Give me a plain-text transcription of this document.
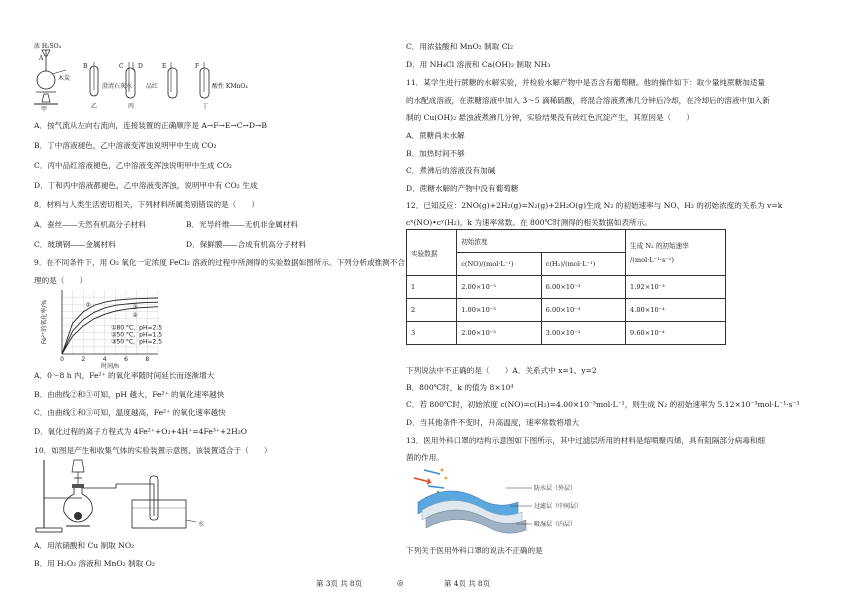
浓 H₂SO₄
A
木炭
甲
B
乙
C D
澄清石灰水
丙
E
品红
F
酸性 KMnO₄
丁
A．按气流从左向右流向，连接装置的正确顺序是 A→F→E→C→D→B
B．丁中溶液褪色，乙中溶液变浑浊说明甲中生成 CO₂
C．丙中品红溶液褪色，乙中溶液变浑浊说明甲中生成 CO₂
D．丁和丙中溶液都褪色，乙中溶液变浑浊，说明甲中有 CO₂ 生成
8．材料与人类生活密切相关，下列材料所属类别错误的是（　　）
A．蚕丝——天然有机高分子材料	B．光导纤维——无机非金属材料
C．玻璃钢——金属材料	D．保鲜膜——合成有机高分子材料
9．在不同条件下，用 O₂ 氧化一定浓度 FeCl₂ 溶液的过程中所测得的实验数据如图所示。下列分析或推测不合
理的是（　　）
0	2	4	6	8
时间/h
Fe²⁺的氧化率/%	①
②
③
①80 °C，pH=2.5
②50 °C，pH=1.5
③50 °C，pH=2.5
A．0～8 h 内，Fe²⁺ 的氧化率随时间延长而逐渐增大
B．由曲线②和③可知，pH 越大，Fe²⁺ 的氧化速率越快
C．由曲线①和③可知，温度越高，Fe²⁺ 的氧化速率越快
D．氧化过程的离子方程式为 4Fe²⁺+O₂+4H⁺=4Fe³⁺+2H₂O
10．如图是产生和收集气体的实验装置示意图，该装置适合于（　　）
水
A．用浓硝酸和 Cu 制取 NO₂
B．用 H₂O₂ 溶液和 MnO₂ 制取 O₂
第 3页 共 8页	◎
C．用浓盐酸和 MnO₂ 制取 Cl₂
D．用 NH₄Cl 溶液和 Ca(OH)₂ 制取 NH₃
11．某学生进行蔗糖的水解实验，并检验水解产物中是否含有葡萄糖。他的操作如下：取少量纯蔗糖加适量
的水配成溶液，在蔗糖溶液中加入 3～5 滴稀硫酸，将混合溶液煮沸几分钟后冷却，在冷却后的溶液中加入新
制的 Cu(OH)₂ 悬浊液煮沸几分钟，实验结果没有砖红色沉淀产生，其原因是（　　）
A．蔗糖尚未水解
B．加热时间不够
C．煮沸后的溶液没有加碱
D．蔗糖水解的产物中没有葡萄糖
12．已知反应：2NO(g)+2H₂(g)=N₂(g)+2H₂O(g)生成 N₂ 的初始速率与 NO、H₂ 的初始浓度的关系为 v=k
cˣ(NO)•cʸ(H₂)，k 为速率常数。在 800℃时测得的相关数据如表所示。
实验数据	初始浓度		生成 N₂ 的初始速率
/(mol·L⁻¹·s⁻¹)
	c(NO)/(mol·L⁻¹)	c(H₂)/(mol·L⁻¹)	
1	2.00×10⁻³	6.00×10⁻³	1.92×10⁻³
2	1.00×10⁻³	6.00×10⁻³	4.80×10⁻⁴
3	2.00×10⁻³	3.00×10⁻³	9.60×10⁻⁴
下列说法中不正确的是（　　）A．关系式中 x=1、y=2
B．800℃时，k 的值为 8×10⁴
C．若 800℃时，初始浓度 c(NO)=c(H₂)=4.00×10⁻³mol·L⁻¹，则生成 N₂ 的初始速率为 5.12×10⁻³mol·L⁻¹·s⁻¹
D．当其他条件不变时，升高温度，速率常数将增大
13．医用外科口罩的结构示意图如下图所示，其中过滤层所用的材料是熔喷聚丙烯，具有阻隔部分病毒和细
菌的作用。
防水层（外层）
过滤层（中间层）
吸湿层（内层）
下列关于医用外科口罩的说法不正确的是
第 4页 共 8页
